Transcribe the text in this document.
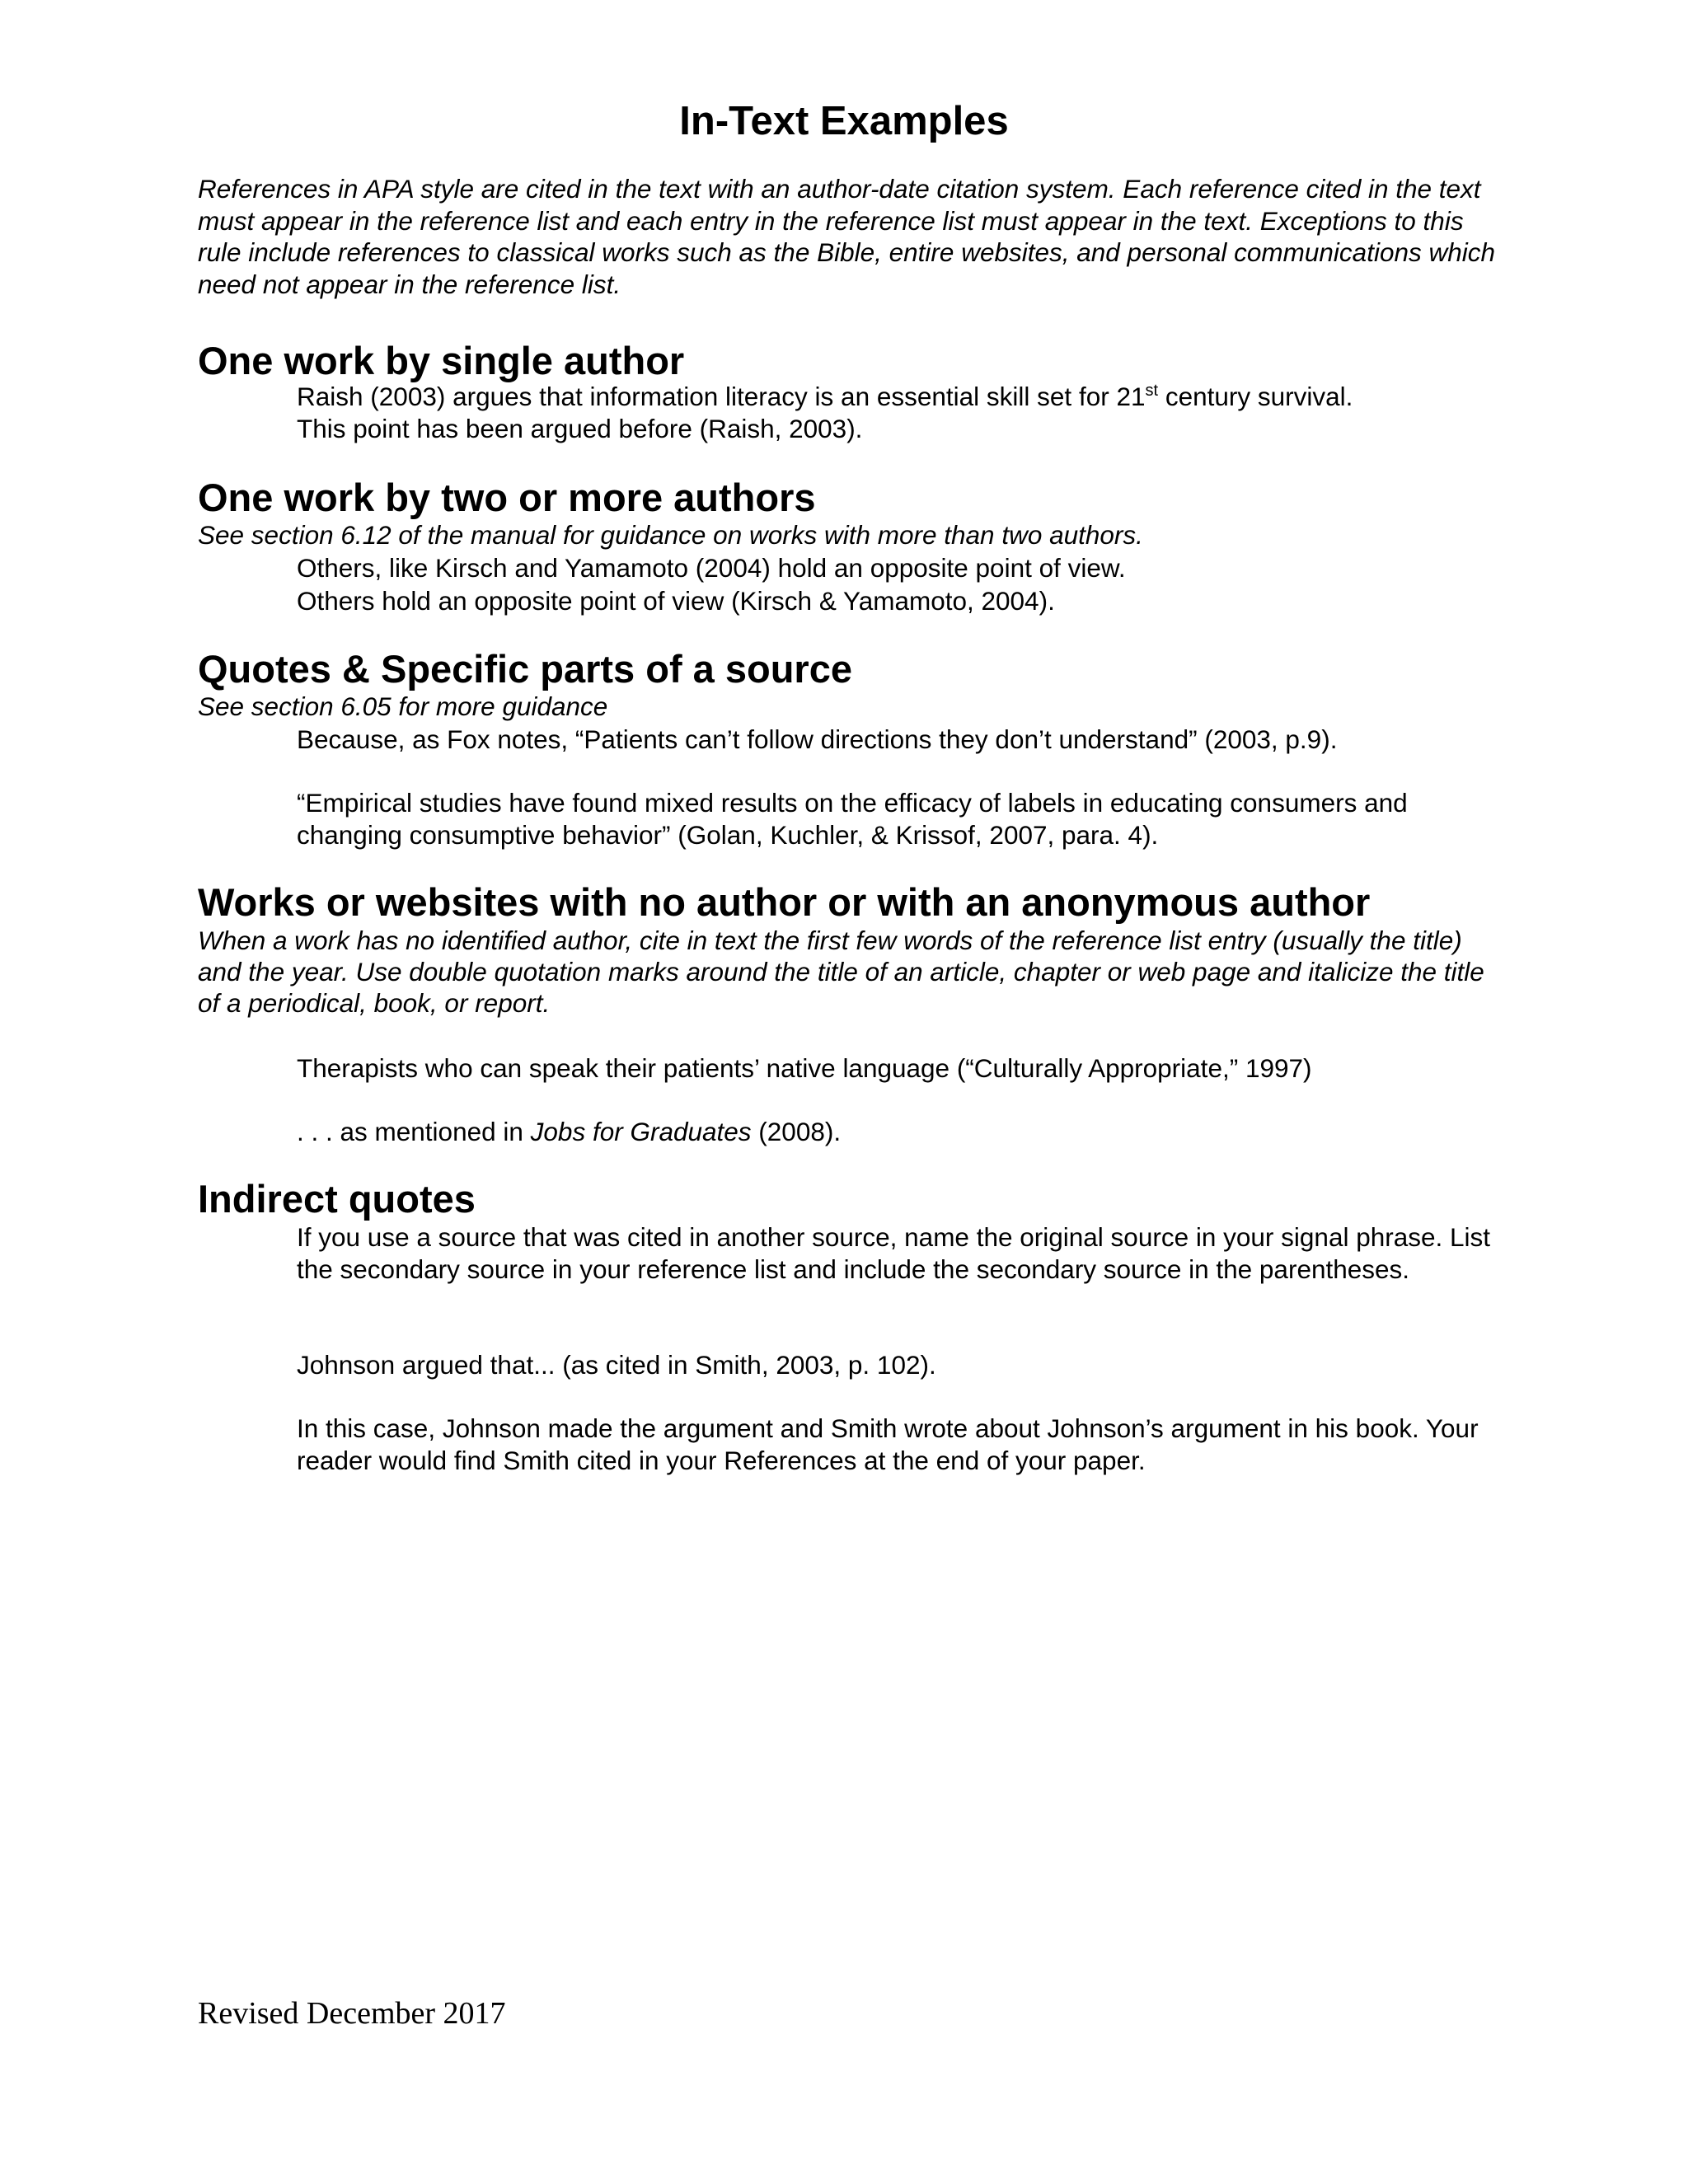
In-Text Examples

References in APA style are cited in the text with an author-date citation system. Each reference cited in the text must appear in the reference list and each entry in the reference list must appear in the text. Exceptions to this rule include references to classical works such as the Bible, entire websites, and personal communications which need not appear in the reference list.

One work by single author

Raish (2003) argues that information literacy is an essential skill set for 21st century survival.

This point has been argued before (Raish, 2003).

One work by two or more authors

See section 6.12 of the manual for guidance on works with more than two authors.

Others, like Kirsch and Yamamoto (2004) hold an opposite point of view.

Others hold an opposite point of view (Kirsch & Yamamoto, 2004).

Quotes & Specific parts of a source

See section 6.05 for more guidance

Because, as Fox notes, “Patients can’t follow directions they don’t understand” (2003, p.9).

“Empirical studies have found mixed results on the efficacy of labels in educating consumers and changing consumptive behavior” (Golan, Kuchler, & Krissof, 2007, para. 4).

Works or websites with no author or with an anonymous author

When a work has no identified author, cite in text the first few words of the reference list entry (usually the title) and the year. Use double quotation marks around the title of an article, chapter or web page and italicize the title of a periodical, book, or report.

Therapists who can speak their patients’ native language (“Culturally Appropriate,” 1997)

. . . as mentioned in Jobs for Graduates (2008).

Indirect quotes

If you use a source that was cited in another source, name the original source in your signal phrase. List the secondary source in your reference list and include the secondary source in the parentheses.

Johnson argued that... (as cited in Smith, 2003, p. 102).

In this case, Johnson made the argument and Smith wrote about Johnson’s argument in his book. Your reader would find Smith cited in your References at the end of your paper.

Revised December 2017
